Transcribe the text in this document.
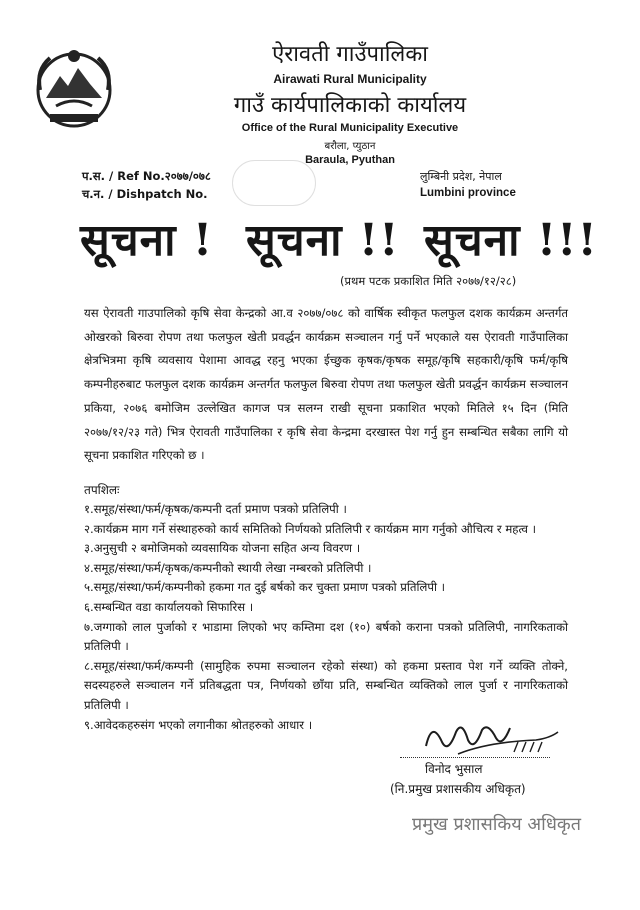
ऐरावती गाउँपालिका
Airawati Rural Municipality
गाउँ कार्यपालिकाको कार्यालय
Office of the Rural Municipality Executive
बरौला, प्युठान
Baraula, Pyuthan
प.स. / Ref No.२०७७/०७८
च.न. / Dishpatch No.
लुम्बिनी प्रदेश, नेपाल
Lumbini province
सूचना ! सूचना !! सूचना !!!
(प्रथम पटक प्रकाशित मिति २०७७/१२/२८)
यस ऐरावती गाउपालिको कृषि सेवा केन्द्रको आ.व २०७७/०७८ को वार्षिक स्वीकृत फलफुल दशक कार्यक्रम अन्तर्गत ओखरको बिरुवा रोपण तथा फलफुल खेती प्रवर्द्धन कार्यक्रम सञ्चालन गर्नु पर्ने भएकाले यस ऐरावती गाउँपालिका क्षेत्रभित्रमा कृषि व्यवसाय पेशामा आवद्ध रहनु भएका ईच्छुक कृषक/कृषक समूह/कृषि सहकारी/कृषि फर्म/कृषि कम्पनीहरुबाट फलफुल दशक कार्यक्रम अन्तर्गत फलफुल बिरुवा रोपण तथा फलफुल खेती प्रवर्द्धन कार्यक्रम सञ्चालन प्रकिया, २०७६ बमोजिम उल्लेखित कागज पत्र सलग्न राखी सूचना प्रकाशित भएको मितिले १५ दिन (मिति २०७७/१२/२३ गते) भित्र ऐरावती गाउँपालिका र कृषि सेवा केन्द्रमा दरखास्त पेश गर्नु हुन सम्बन्धित सबैका लागि यो सूचना प्रकाशित गरिएको छ ।
तपशिलः
१.समूह/संस्था/फर्म/कृषक/कम्पनी दर्ता प्रमाण पत्रको प्रतिलिपी ।
२.कार्यक्रम माग गर्ने संस्थाहरुको कार्य समितिको निर्णयको प्रतिलिपी र कार्यक्रम माग गर्नुको औचित्य र महत्व ।
३.अनुसुची २ बमोजिमको व्यवसायिक योजना सहित अन्य विवरण ।
४.समूह/संस्था/फर्म/कृषक/कम्पनीको स्थायी लेखा नम्बरको प्रतिलिपी ।
५.समूह/संस्था/फर्म/कम्पनीको हकमा गत दुई बर्षको कर चुक्ता प्रमाण पत्रको प्रतिलिपी ।
६.सम्बन्धित वडा कार्यालयको सिफारिस ।
७.जग्गाको लाल पुर्जाको र भाडामा लिएको भए कम्तिमा दश (१०) बर्षको कराना पत्रको प्रतिलिपी, नागरिकताको प्रतिलिपी ।
८.समूह/संस्था/फर्म/कम्पनी (सामुहिक रुपमा सञ्चालन रहेको संस्था) को हकमा प्रस्ताव पेश गर्ने व्यक्ति तोक्ने, सदस्यहरुले सञ्चालन गर्ने प्रतिबद्धता पत्र, निर्णयको छाँया प्रति, सम्बन्धित व्यक्तिको लाल पुर्जा र नागरिकताको प्रतिलिपी ।
९.आवेदकहरुसंग भएको लगानीका श्रोतहरुको आधार ।
विनोद भुसाल
(नि.प्रमुख प्रशासकीय अधिकृत)
प्रमुख प्रशासकिय अधिकृत
